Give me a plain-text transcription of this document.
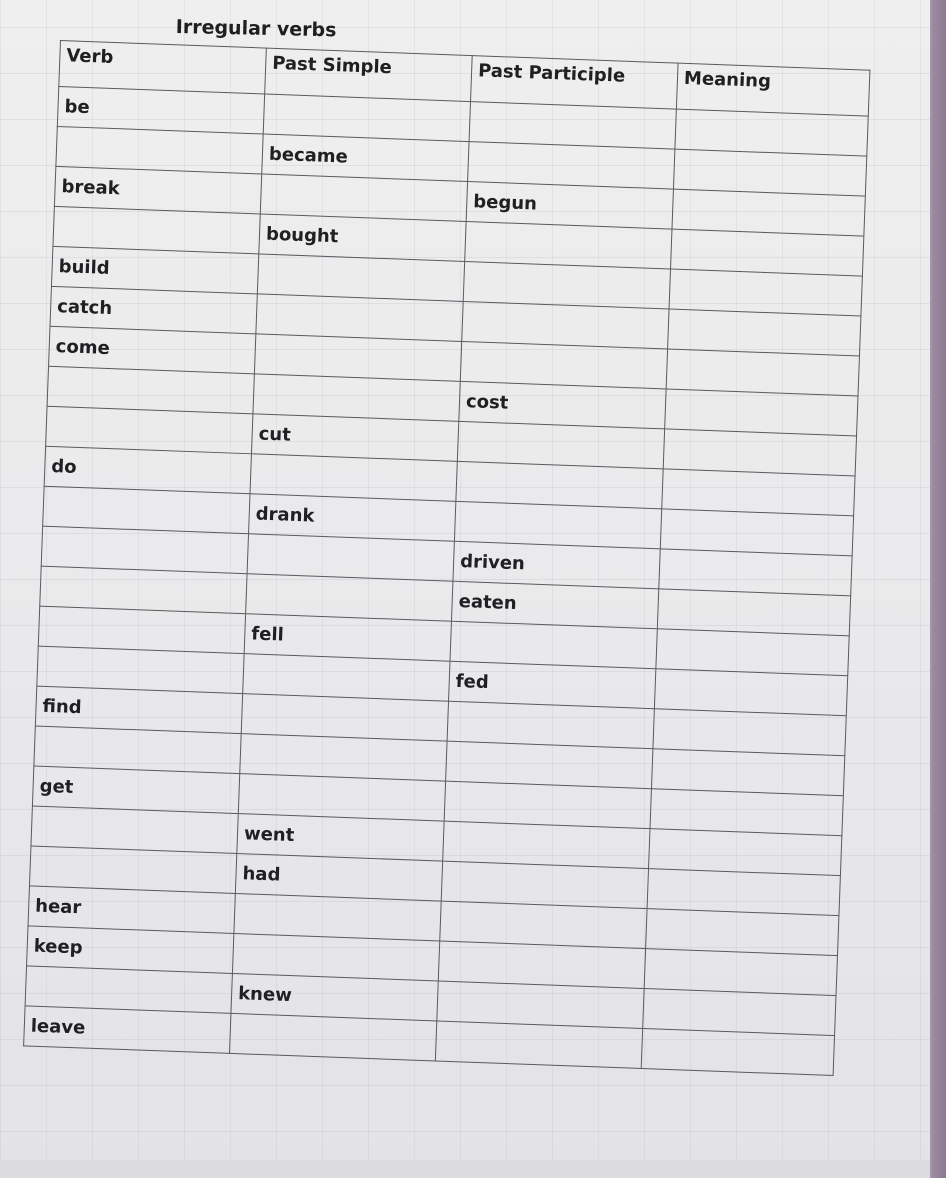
Irregular verbs
Verb	Past Simple	Past Participle	Meaning
be			
	became		
break		begun	
	bought		
build			
catch			
come			
		cost	
	cut		
do			
	drank		
		driven	
		eaten	
	fell		
		fed	
find			

get			
	went		
	had		
hear			
keep			
	knew		
leave			
